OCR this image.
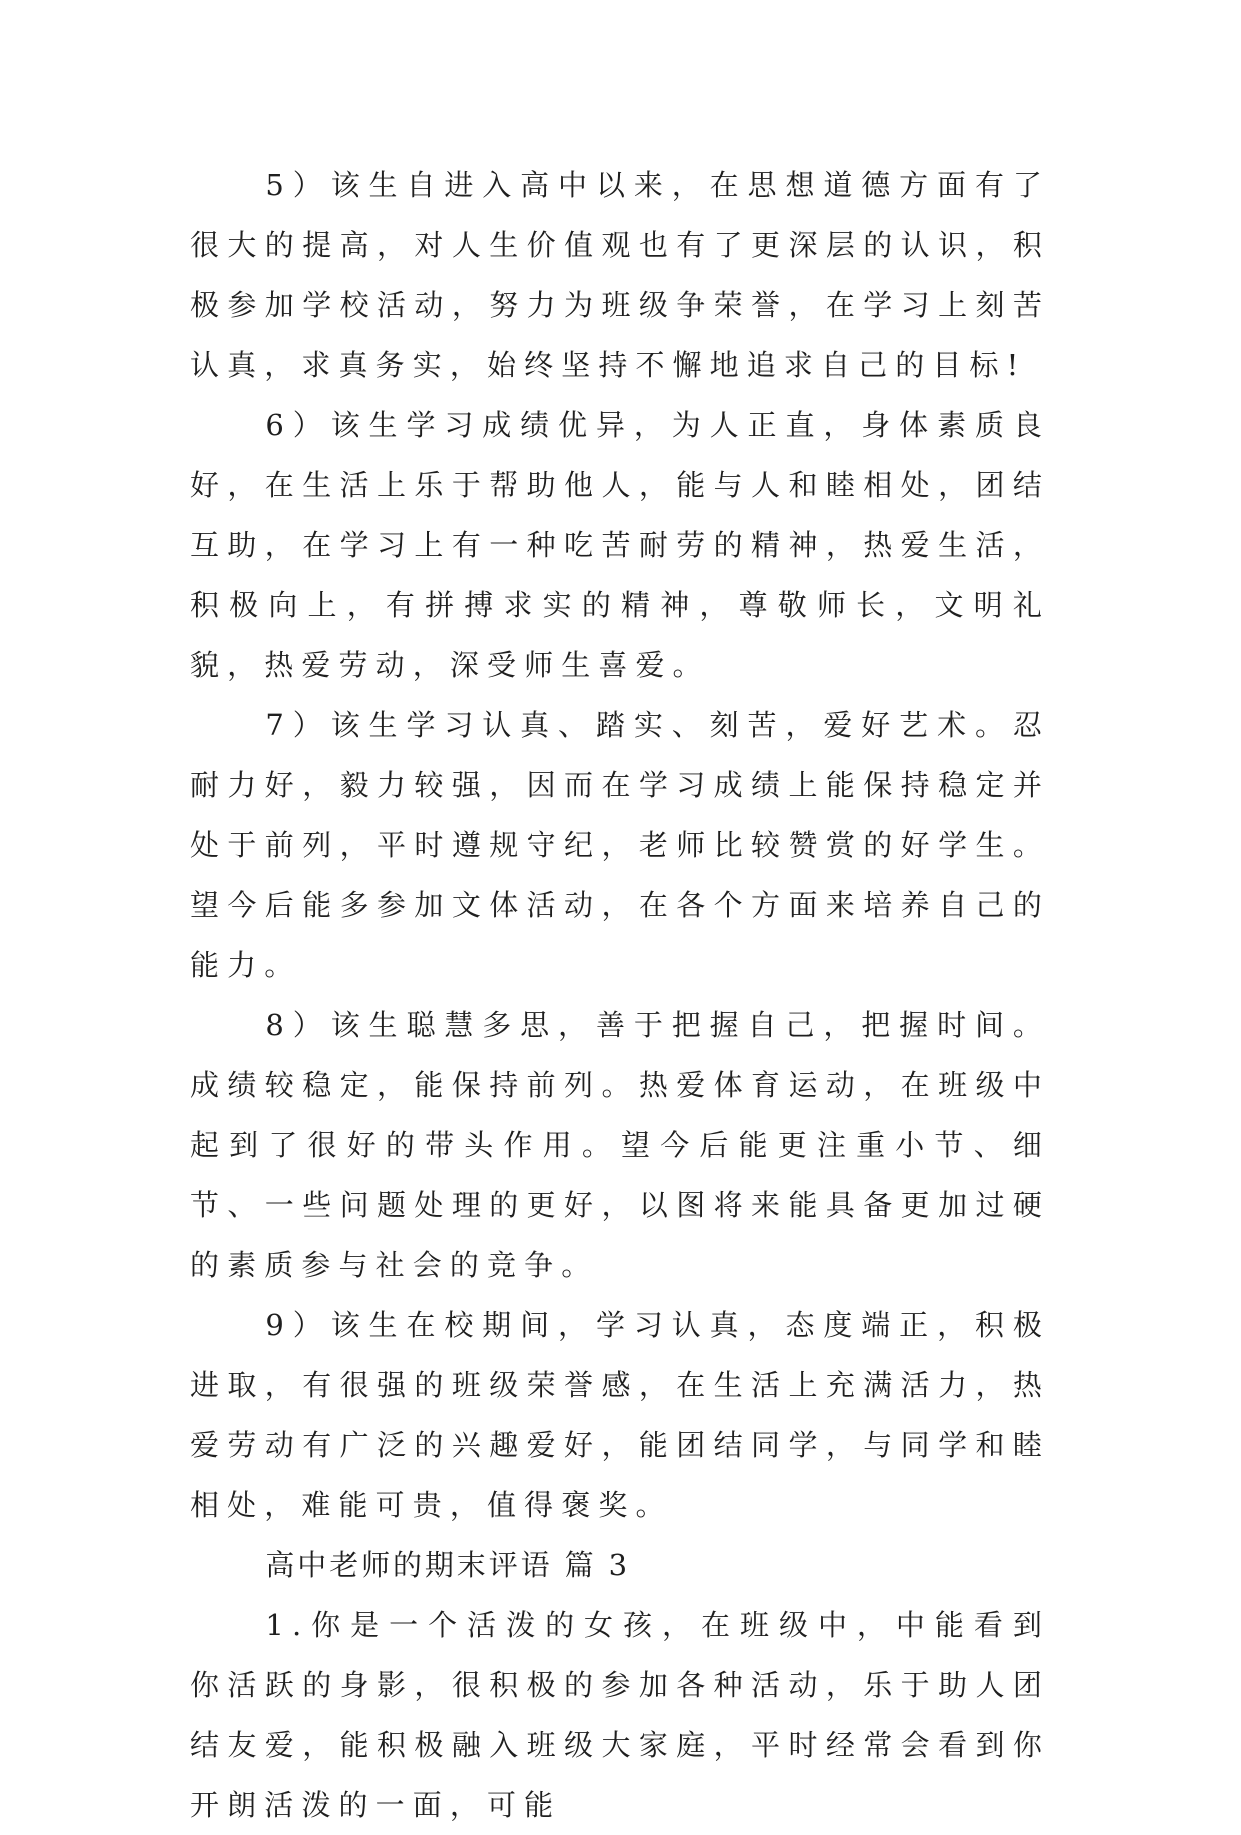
5）该生自进入高中以来，在思想道德方面有了很大的提高，对人生价值观也有了更深层的认识，积极参加学校活动，努力为班级争荣誉，在学习上刻苦认真，求真务实，始终坚持不懈地追求自己的目标!

6）该生学习成绩优异，为人正直，身体素质良好，在生活上乐于帮助他人，能与人和睦相处，团结互助，在学习上有一种吃苦耐劳的精神，热爱生活，积极向上，有拼搏求实的精神，尊敬师长，文明礼貌，热爱劳动，深受师生喜爱。

7）该生学习认真、踏实、刻苦，爱好艺术。忍耐力好，毅力较强，因而在学习成绩上能保持稳定并处于前列，平时遵规守纪，老师比较赞赏的好学生。望今后能多参加文体活动，在各个方面来培养自己的能力。

8）该生聪慧多思，善于把握自己，把握时间。成绩较稳定，能保持前列。热爱体育运动，在班级中起到了很好的带头作用。望今后能更注重小节、细节、一些问题处理的更好，以图将来能具备更加过硬的素质参与社会的竞争。

9）该生在校期间，学习认真，态度端正，积极进取，有很强的班级荣誉感，在生活上充满活力，热爱劳动有广泛的兴趣爱好，能团结同学，与同学和睦相处，难能可贵，值得褒奖。

高中老师的期末评语 篇 3

1.你是一个活泼的女孩，在班级中，中能看到你活跃的身影，很积极的参加各种活动，乐于助人团结友爱，能积极融入班级大家庭，平时经常会看到你开朗活泼的一面，可能
